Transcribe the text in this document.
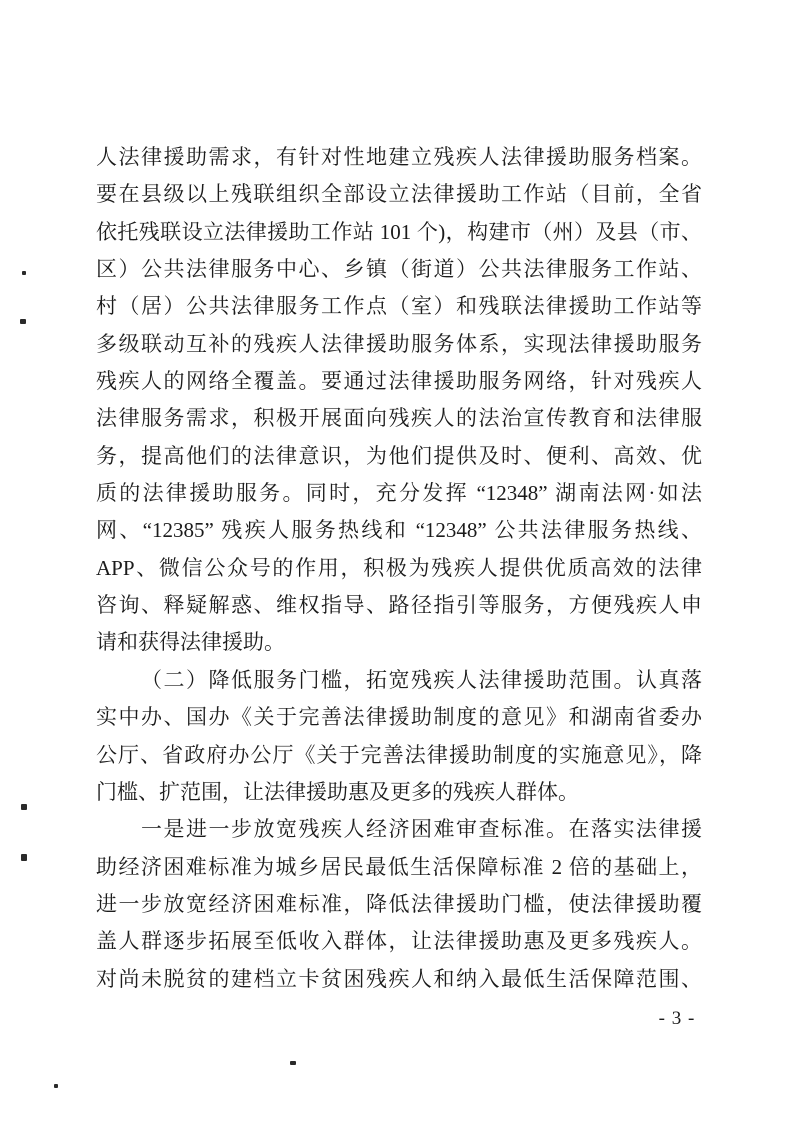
人法律援助需求，有针对性地建立残疾人法律援助服务档案。
要在县级以上残联组织全部设立法律援助工作站（目前，全省
依托残联设立法律援助工作站 101 个)，构建市（州）及县（市、
区）公共法律服务中心、乡镇（街道）公共法律服务工作站、
村（居）公共法律服务工作点（室）和残联法律援助工作站等
多级联动互补的残疾人法律援助服务体系，实现法律援助服务
残疾人的网络全覆盖。要通过法律援助服务网络，针对残疾人
法律服务需求，积极开展面向残疾人的法治宣传教育和法律服
务，提高他们的法律意识，为他们提供及时、便利、高效、优
质的法律援助服务。同时，充分发挥 “12348” 湖南法网·如法
网、“12385” 残疾人服务热线和 “12348” 公共法律服务热线、
APP、微信公众号的作用，积极为残疾人提供优质高效的法律
咨询、释疑解惑、维权指导、路径指引等服务，方便残疾人申
请和获得法律援助。
（二）降低服务门槛，拓宽残疾人法律援助范围。认真落
实中办、国办《关于完善法律援助制度的意见》和湖南省委办
公厅、省政府办公厅《关于完善法律援助制度的实施意见》，降
门槛、扩范围，让法律援助惠及更多的残疾人群体。
一是进一步放宽残疾人经济困难审查标准。在落实法律援
助经济困难标准为城乡居民最低生活保障标准 2 倍的基础上，
进一步放宽经济困难标准，降低法律援助门槛，使法律援助覆
盖人群逐步拓展至低收入群体，让法律援助惠及更多残疾人。
对尚未脱贫的建档立卡贫困残疾人和纳入最低生活保障范围、
- 3 -
